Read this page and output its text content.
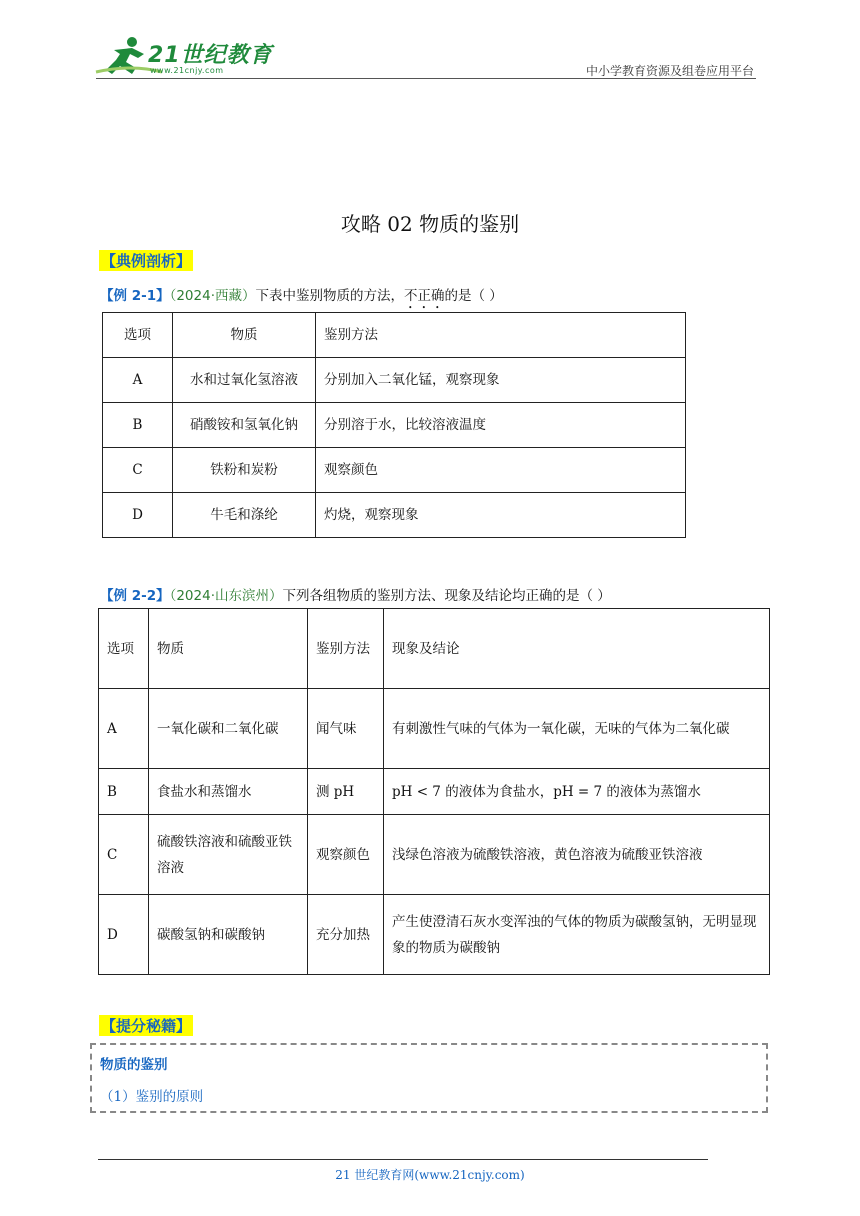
21世纪教育
www.21cnjy.com	中小学教育资源及组卷应用平台
攻略 02 物质的鉴别
【典例剖析】
【例 2-1】（2024·西藏）下表中鉴别物质的方法，不正确的是（ ）
选项	物质	鉴别方法
A	水和过氧化氢溶液	分别加入二氧化锰，观察现象
B	硝酸铵和氢氧化钠	分别溶于水，比较溶液温度
C	铁粉和炭粉	观察颜色
D	牛毛和涤纶	灼烧，观察现象
【例 2-2】（2024·山东滨州）下列各组物质的鉴别方法、现象及结论均正确的是（ ）
选项	物质	鉴别方法	现象及结论
A	一氧化碳和二氧化碳	闻气味	有刺激性气味的气体为一氧化碳，无味的气体为二氧化碳
B	食盐水和蒸馏水	测 pH	pH < 7 的液体为食盐水，pH = 7 的液体为蒸馏水
C	硫酸铁溶液和硫酸亚铁溶液	观察颜色	浅绿色溶液为硫酸铁溶液，黄色溶液为硫酸亚铁溶液
D	碳酸氢钠和碳酸钠	充分加热	产生使澄清石灰水变浑浊的气体的物质为碳酸氢钠，无明显现象的物质为碳酸钠
【提分秘籍】
物质的鉴别
（1）鉴别的原则
21 世纪教育网(www.21cnjy.com)
